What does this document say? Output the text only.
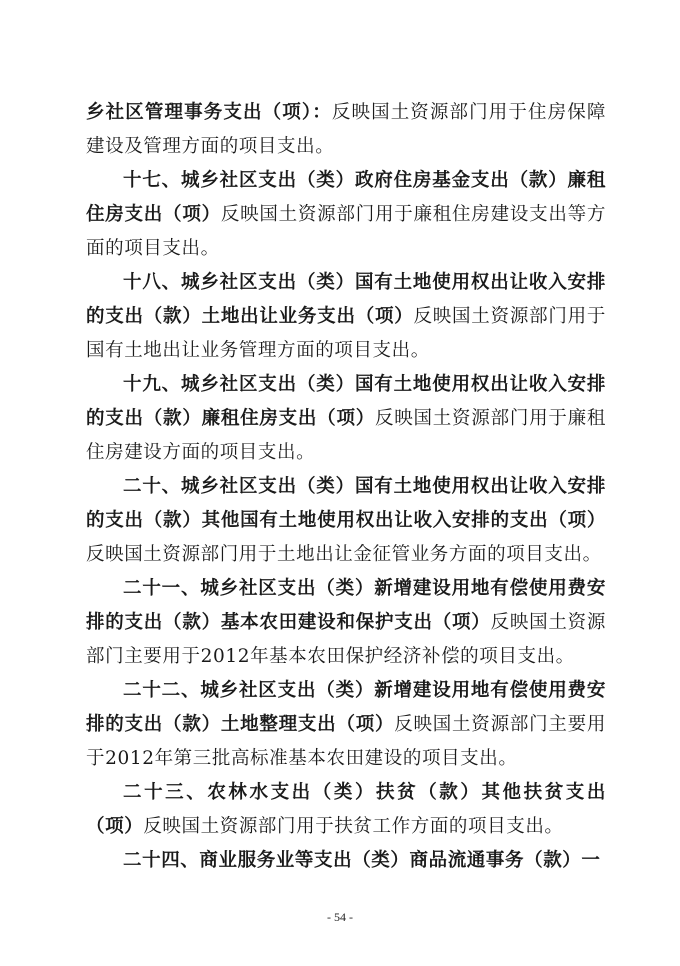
乡社区管理事务支出（项）：反映国土资源部门用于住房保障建设及管理方面的项目支出。

十七、城乡社区支出（类）政府住房基金支出（款）廉租住房支出（项）反映国土资源部门用于廉租住房建设支出等方面的项目支出。

十八、城乡社区支出（类）国有土地使用权出让收入安排的支出（款）土地出让业务支出（项）反映国土资源部门用于国有土地出让业务管理方面的项目支出。

十九、城乡社区支出（类）国有土地使用权出让收入安排的支出（款）廉租住房支出（项）反映国土资源部门用于廉租住房建设方面的项目支出。

二十、城乡社区支出（类）国有土地使用权出让收入安排的支出（款）其他国有土地使用权出让收入安排的支出（项）反映国土资源部门用于土地出让金征管业务方面的项目支出。

二十一、城乡社区支出（类）新增建设用地有偿使用费安排的支出（款）基本农田建设和保护支出（项）反映国土资源部门主要用于2012年基本农田保护经济补偿的项目支出。

二十二、城乡社区支出（类）新增建设用地有偿使用费安排的支出（款）土地整理支出（项）反映国土资源部门主要用于2012年第三批高标准基本农田建设的项目支出。

二十三、农林水支出（类）扶贫（款）其他扶贫支出（项）反映国土资源部门用于扶贫工作方面的项目支出。

二十四、商业服务业等支出（类）商品流通事务（款）一

- 54 -
